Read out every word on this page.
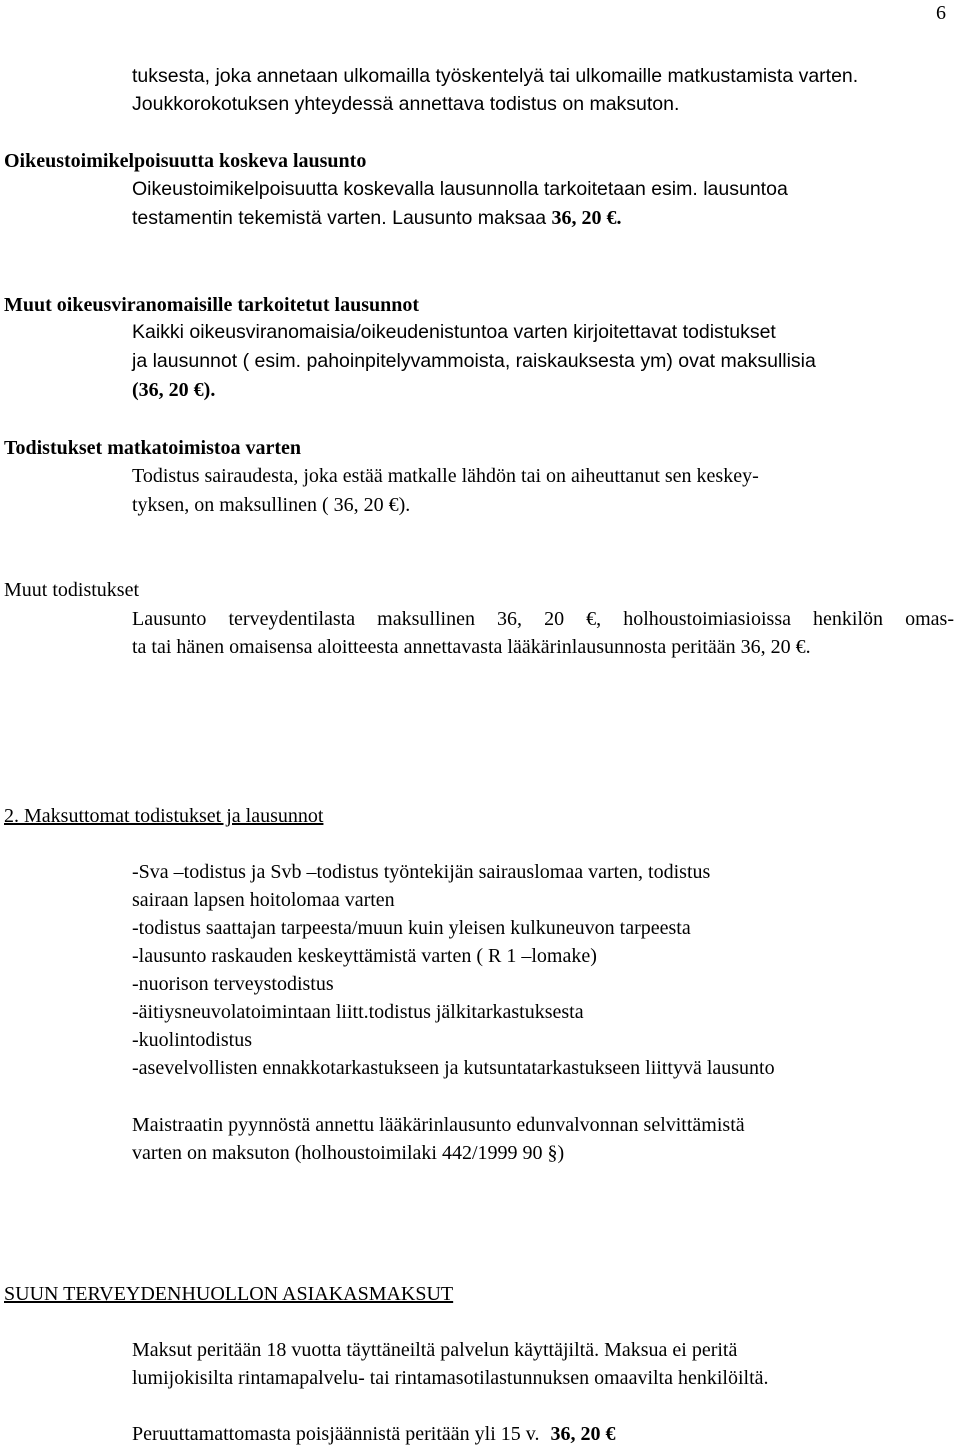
6
tuksesta, joka annetaan ulkomailla työskentelyä tai ulkomaille matkustamista varten.
Joukkorokotuksen yhteydessä annettava todistus on maksuton.
Oikeustoimikelpoisuutta koskeva lausunto
Oikeustoimikelpoisuutta koskevalla lausunnolla tarkoitetaan esim. lausuntoa
testamentin tekemistä varten. Lausunto maksaa 36, 20 €.
Muut oikeusviranomaisille tarkoitetut lausunnot
Kaikki oikeusviranomaisia/oikeudenistuntoa varten kirjoitettavat todistukset
ja lausunnot ( esim. pahoinpitelyvammoista, raiskauksesta ym) ovat maksullisia
(36, 20 €).
Todistukset matkatoimistoa varten
Todistus sairaudesta, joka estää matkalle lähdön tai on aiheuttanut sen keskey-
tyksen, on maksullinen ( 36, 20 €).
Muut todistukset
Lausunto terveydentilasta maksullinen 36, 20 €, holhoustoimiasioissa henkilön omas-
ta tai hänen omaisensa aloitteesta annettavasta lääkärinlausunnosta peritään 36, 20 €.
2. Maksuttomat todistukset ja lausunnot
-Sva –todistus ja Svb –todistus työntekijän sairauslomaa varten, todistus
sairaan lapsen hoitolomaa varten
-todistus saattajan tarpeesta/muun kuin yleisen kulkuneuvon tarpeesta
-lausunto raskauden keskeyttämistä varten ( R 1 –lomake)
-nuorison terveystodistus
-äitiysneuvolatoimintaan liitt.todistus jälkitarkastuksesta
-kuolintodistus
-asevelvollisten ennakkotarkastukseen ja kutsuntatarkastukseen liittyvä lausunto
Maistraatin pyynnöstä annettu lääkärinlausunto edunvalvonnan selvittämistä
varten on maksuton (holhoustoimilaki 442/1999 90 §)
SUUN TERVEYDENHUOLLON ASIAKASMAKSUT
Maksut peritään 18 vuotta täyttäneiltä palvelun käyttäjiltä. Maksua ei peritä
lumijokisilta rintamapalvelu- tai rintamasotilastunnuksen omaavilta henkilöiltä.
Peruuttamattomasta poisjäännistä peritään yli 15 v. 36, 20 €
